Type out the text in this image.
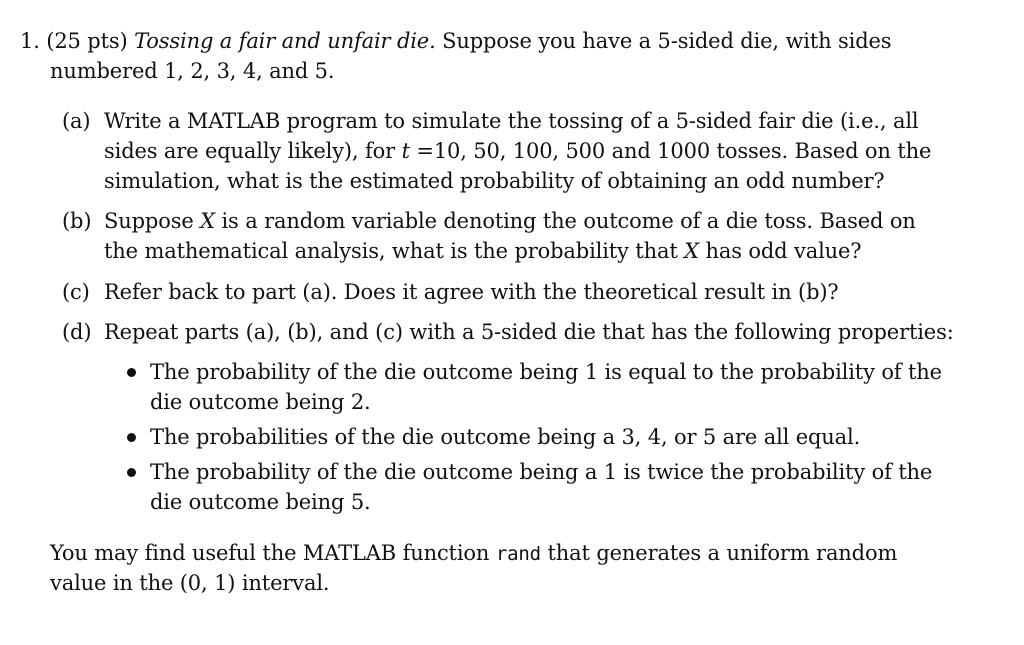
1. (25 pts) Tossing a fair and unfair die. Suppose you have a 5-sided die, with sides
numbered 1, 2, 3, 4, and 5.
(a) Write a MATLAB program to simulate the tossing of a 5-sided fair die (i.e., all
sides are equally likely), for t =10, 50, 100, 500 and 1000 tosses. Based on the
simulation, what is the estimated probability of obtaining an odd number?
(b) Suppose X is a random variable denoting the outcome of a die toss. Based on
the mathematical analysis, what is the probability that X has odd value?
(c) Refer back to part (a). Does it agree with the theoretical result in (b)?
(d) Repeat parts (a), (b), and (c) with a 5-sided die that has the following properties:
The probability of the die outcome being 1 is equal to the probability of the
die outcome being 2.
The probabilities of the die outcome being a 3, 4, or 5 are all equal.
The probability of the die outcome being a 1 is twice the probability of the
die outcome being 5.
You may find useful the MATLAB function rand that generates a uniform random
value in the (0, 1) interval.
